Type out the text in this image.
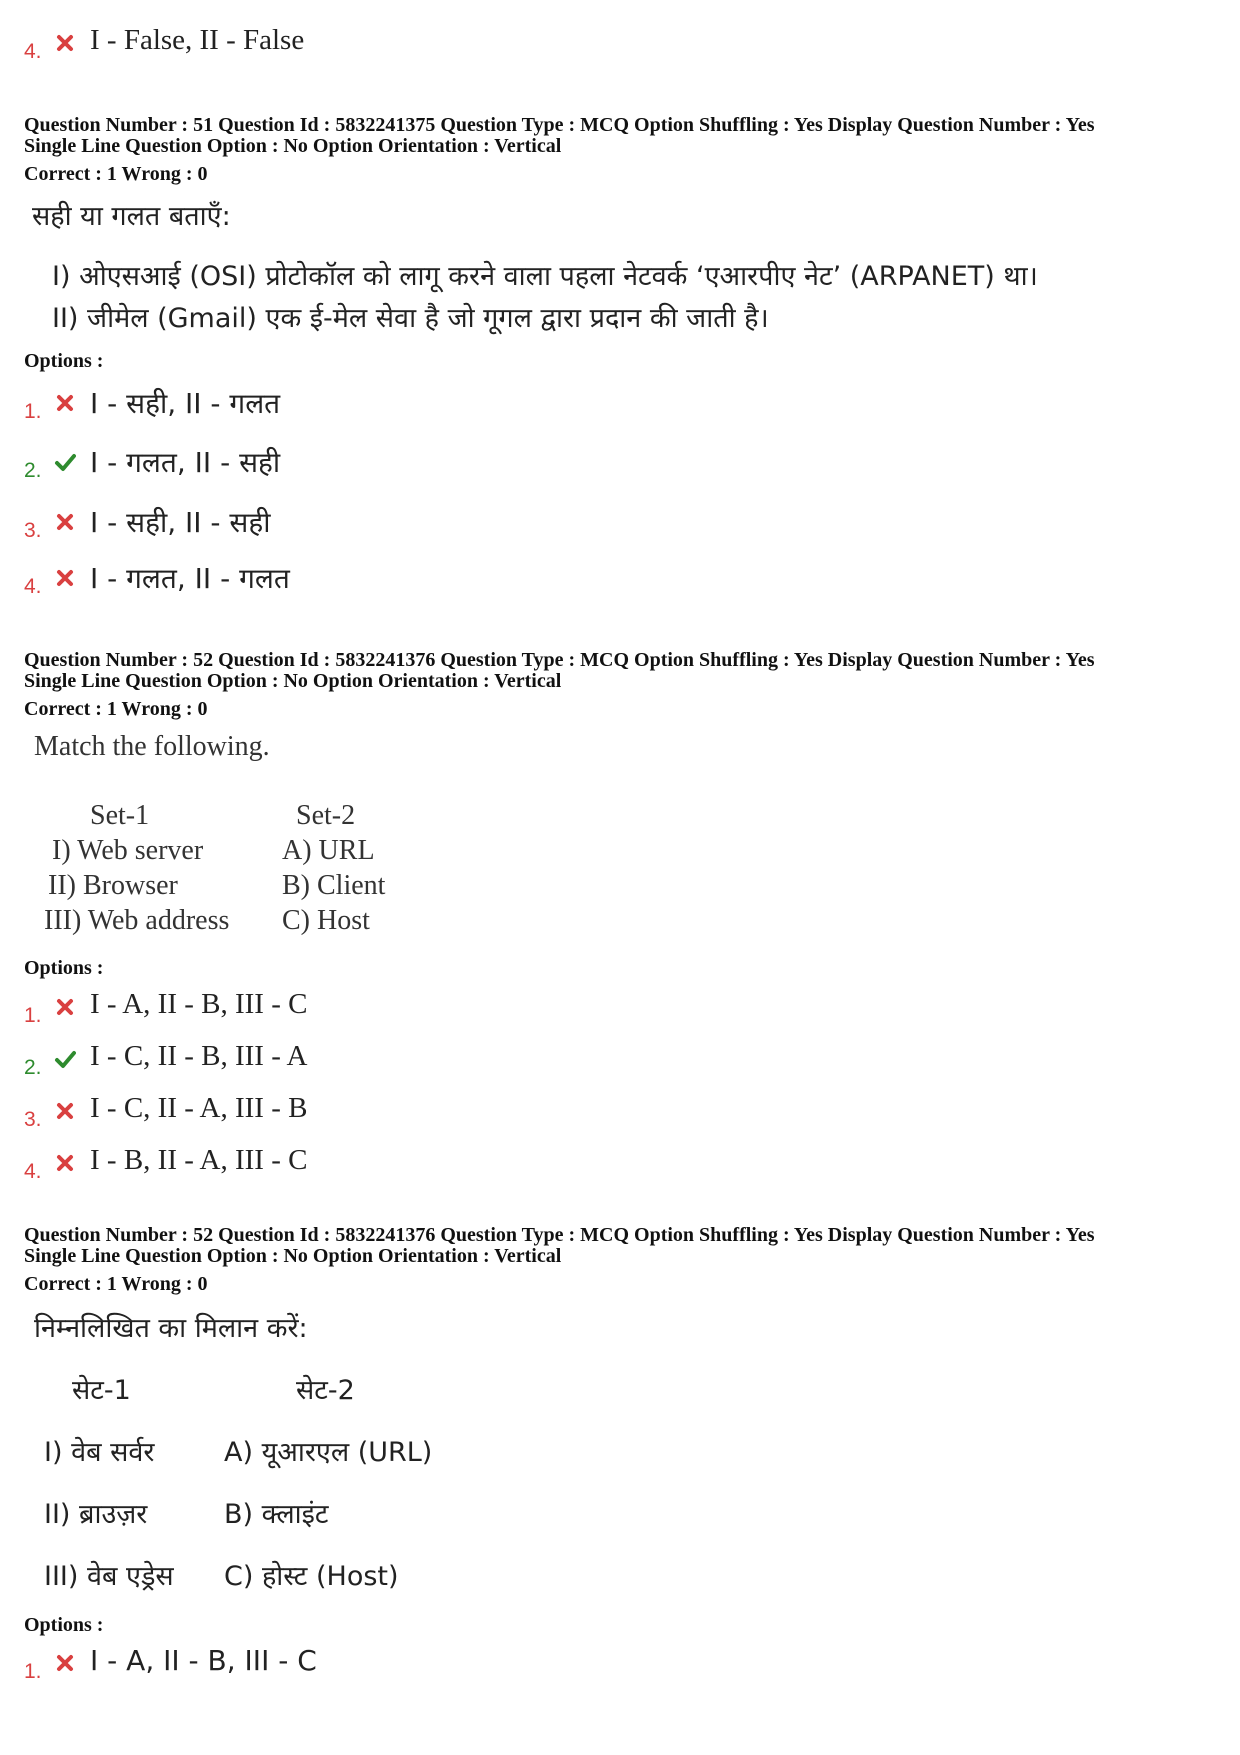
4. I - False, II - False
Question Number : 51 Question Id : 5832241375 Question Type : MCQ Option Shuffling : Yes Display Question Number : Yes
Single Line Question Option : No Option Orientation : Vertical
Correct : 1 Wrong : 0
सही या गलत बताएँ:
I) ओएसआई (OSI) प्रोटोकॉल को लागू करने वाला पहला नेटवर्क ‘एआरपीए नेट’ (ARPANET) था।
II) जीमेल (Gmail) एक ई-मेल सेवा है जो गूगल द्वारा प्रदान की जाती है।
Options :
1. I - सही, II - गलत
2. I - गलत, II - सही
3. I - सही, II - सही
4. I - गलत, II - गलत
Question Number : 52 Question Id : 5832241376 Question Type : MCQ Option Shuffling : Yes Display Question Number : Yes
Single Line Question Option : No Option Orientation : Vertical
Correct : 1 Wrong : 0
Match the following.
Set-1	Set-2
I) Web server	A) URL
II) Browser	B) Client
III) Web address C) Host
Options :
1. I - A, II - B, III - C
2. I - C, II - B, III - A
3. I - C, II - A, III - B
4. I - B, II - A, III - C
Question Number : 52 Question Id : 5832241376 Question Type : MCQ Option Shuffling : Yes Display Question Number : Yes
Single Line Question Option : No Option Orientation : Vertical
Correct : 1 Wrong : 0
निम्नलिखित का मिलान करें:
सेट-1	सेट-2
I) वेब सर्वर	A) यूआरएल (URL)
II) ब्राउज़र	B) क्लाइंट
III) वेब एड्रेस C) होस्ट (Host)
Options :
1. I - A, II - B, III - C
